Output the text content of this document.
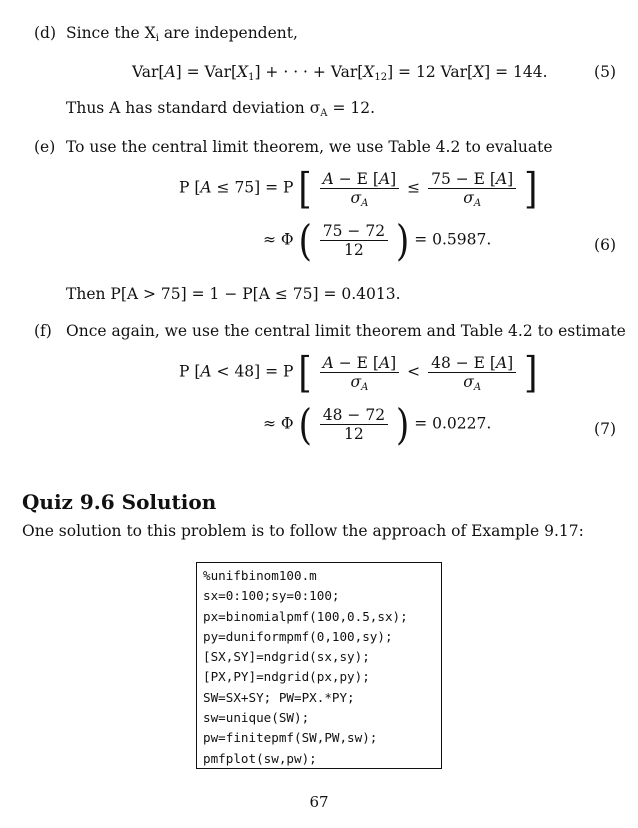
(d) Since the $X_i$ are independent,
$Var[A] = Var[X_1]$ + · · · + $Var[X_{12}] = 12$ Var[X] = 144.	(5)
Thus A has standard deviation $\sigma_A = 12$.
(e) To use the central limit theorem, we use Table 4.2 to evaluate
P [A ≤ 75] = P [ $\frac{A - E [A]}{\sigma_A} \le \frac{75 - E [A]}{\sigma_A}$ ]
≈ Φ ( $\frac{75 - 72}{12}$ ) = 0.5987.	(6)
Then P[A > 75] = 1 − P[A ≤ 75] = 0.4013.
(f) Once again, we use the central limit theorem and Table 4.2 to estimate
P [A < 48] = P [ $\frac{A - E [A]}{\sigma_A} < \frac{48 - E [A]}{\sigma_A}$ ]
≈ Φ ( $\frac{48 - 72}{12}$ ) = 0.0227.	(7)
Quiz 9.6 Solution
One solution to this problem is to follow the approach of Example 9.17:
%unifbinom100.m
sx=0:100;sy=0:100;
px=binomialpmf(100,0.5,sx);
py=duniformpmf(0,100,sy);
[SX,SY]=ndgrid(sx,sy);
[PX,PY]=ndgrid(px,py);
SW=SX+SY; PW=PX.*PY;
sw=unique(SW);
pw=finitepmf(SW,PW,sw);
pmfplot(sw,pw);
67
